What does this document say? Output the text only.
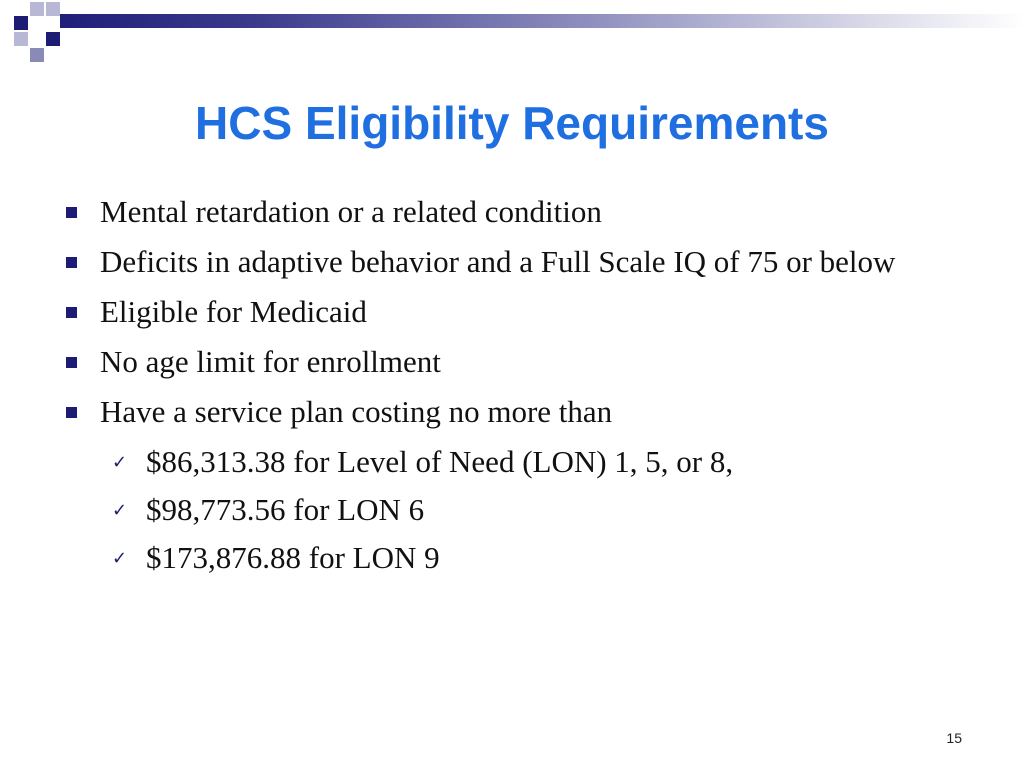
HCS Eligibility Requirements
Mental retardation or a related condition
Deficits in adaptive behavior and a Full Scale IQ of 75 or below
Eligible for Medicaid
No age limit for enrollment
Have a service plan costing no more than
✓ $86,313.38 for Level of Need (LON) 1, 5, or 8,
✓ $98,773.56 for LON 6
✓ $173,876.88 for LON 9
15
